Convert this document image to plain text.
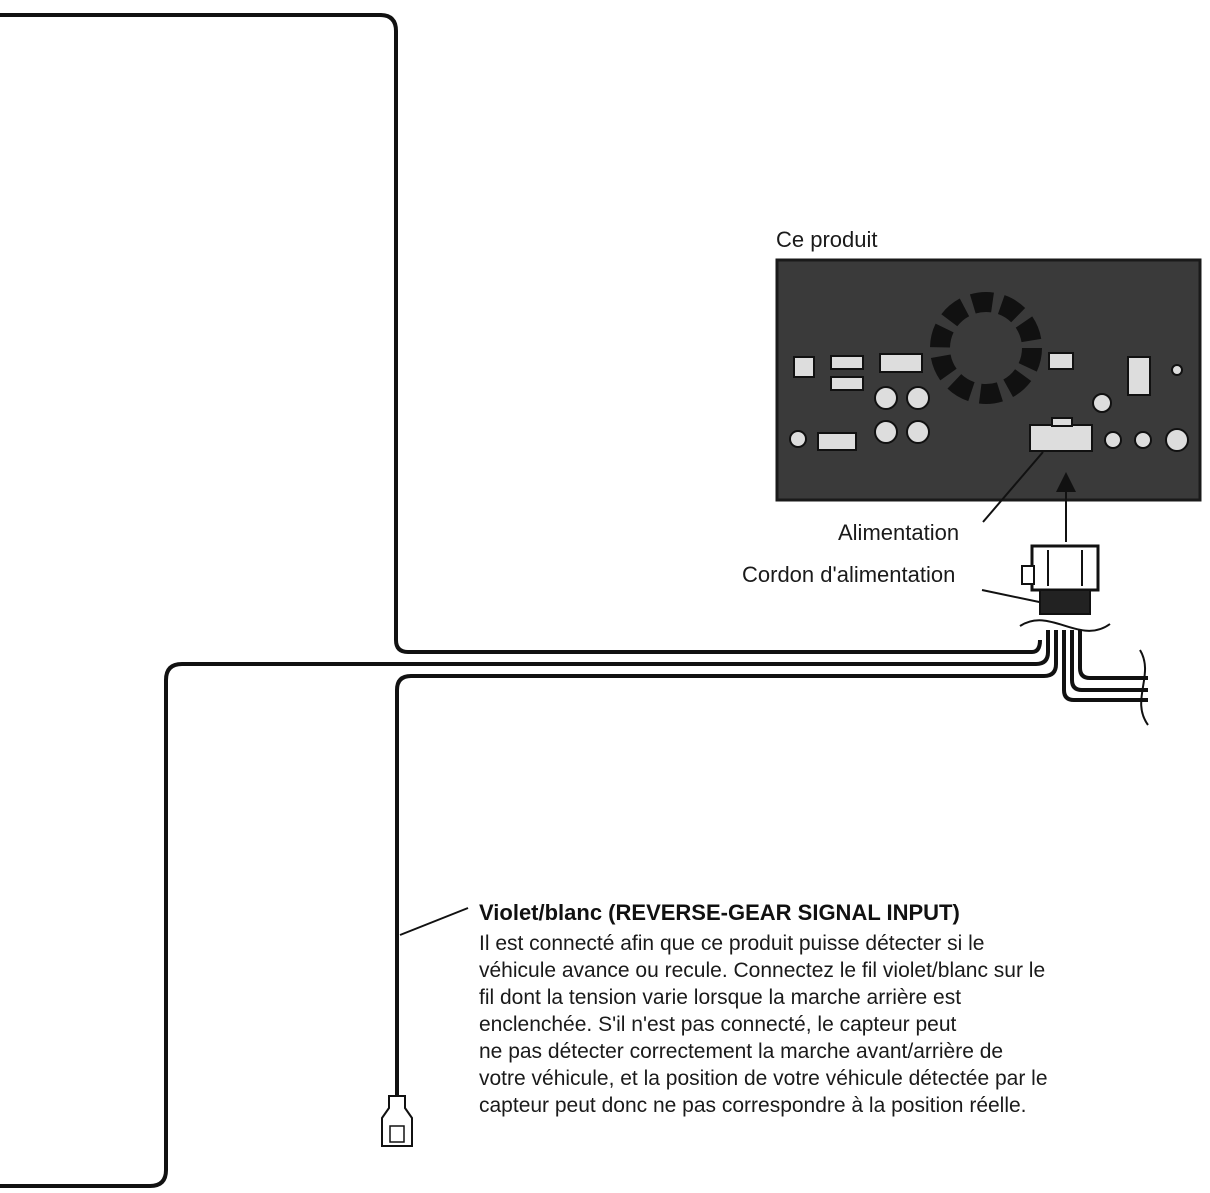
Ce produit
Alimentation
Cordon d'alimentation
Violet/blanc (REVERSE-GEAR SIGNAL INPUT)
Il est connecté afin que ce produit puisse détecter si le
véhicule avance ou recule. Connectez le fil violet/blanc sur le
fil dont la tension varie lorsque la marche arrière est
enclenchée. S'il n'est pas connecté, le capteur peut
ne pas détecter correctement la marche avant/arrière de
votre véhicule, et la position de votre véhicule détectée par le
capteur peut donc ne pas correspondre à la position réelle.
